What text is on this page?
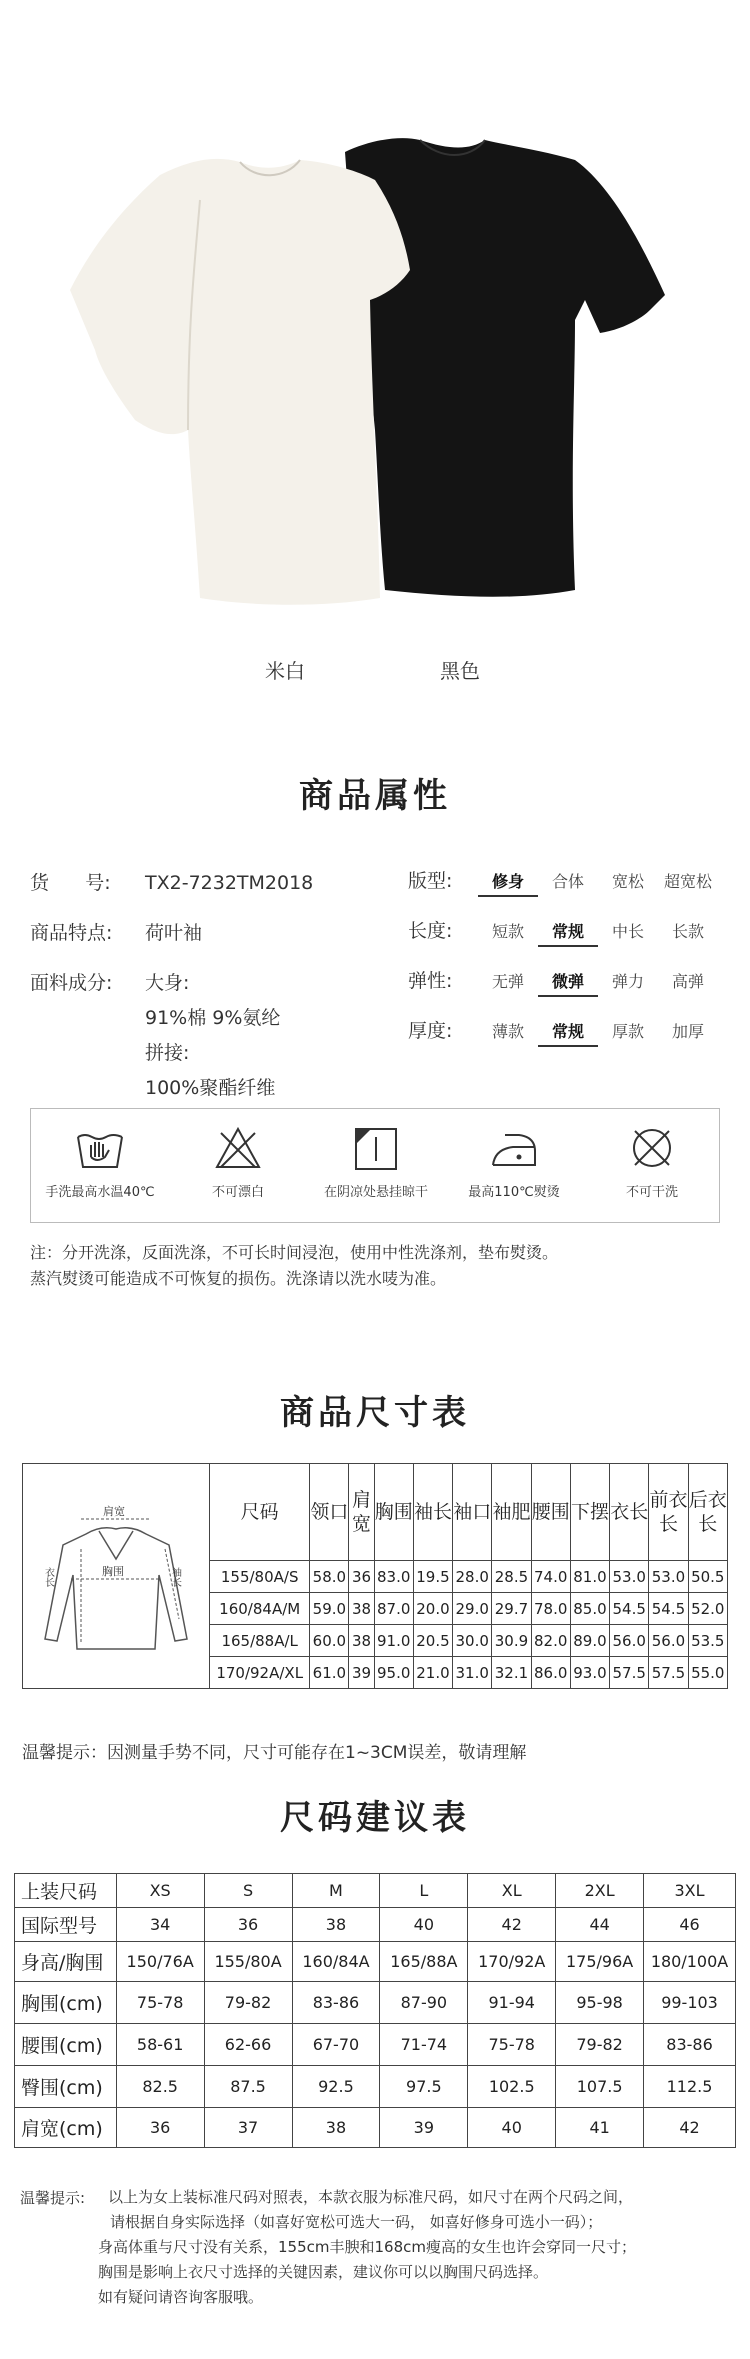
米白	黑色
商品属性
货      号: TX2-7232TM2018
商品特点: 荷叶袖
面料成分: 大身:
91%棉 9%氨纶
拼接:
100%聚酯纤维
版型: 修身 合体 宽松 超宽松
长度: 短款 常规 中长 长款
弹性: 无弹 微弹 弹力 高弹
厚度: 薄款 常规 厚款 加厚
手洗最高水温40℃	不可漂白	在阴凉处悬挂晾干	最高110℃熨烫	不可干洗
注：分开洗涤，反面洗涤，不可长时间浸泡，使用中性洗涤剂，垫布熨烫。
蒸汽熨烫可能造成不可恢复的损伤。洗涤请以洗水唛为准。
商品尺寸表
肩宽
胸围
衣长 袖长	尺码	领口	肩宽	胸围	袖长	袖口	袖肥	腰围	下摆	衣长	前衣长	后衣长
	155/80A/S	58.0	36	83.0	19.5	28.0	28.5	74.0	81.0	53.0	53.0	50.5
	160/84A/M	59.0	38	87.0	20.0	29.0	29.7	78.0	85.0	54.5	54.5	52.0
	165/88A/L	60.0	38	91.0	20.5	30.0	30.9	82.0	89.0	56.0	56.0	53.5
	170/92A/XL	61.0	39	95.0	21.0	31.0	32.1	86.0	93.0	57.5	57.5	55.0
温馨提示：因测量手势不同，尺寸可能存在1~3CM误差，敬请理解
尺码建议表
上装尺码	XS	S	M	L	XL	2XL	3XL
国际型号	34	36	38	40	42	44	46
身高/胸围	150/76A	155/80A	160/84A	165/88A	170/92A	175/96A	180/100A
胸围(cm)	75-78	79-82	83-86	87-90	91-94	95-98	99-103
腰围(cm)	58-61	62-66	67-70	71-74	75-78	79-82	83-86
臀围(cm)	82.5	87.5	92.5	97.5	102.5	107.5	112.5
肩宽(cm)	36	37	38	39	40	41	42
温馨提示: 以上为女上装标准尺码对照表，本款衣服为标准尺码，如尺寸在两个尺码之间，
请根据自身实际选择（如喜好宽松可选大一码， 如喜好修身可选小一码）；
身高体重与尺寸没有关系，155cm丰腴和168cm瘦高的女生也许会穿同一尺寸；
胸围是影响上衣尺寸选择的关键因素，建议你可以以胸围尺码选择。
如有疑问请咨询客服哦。
